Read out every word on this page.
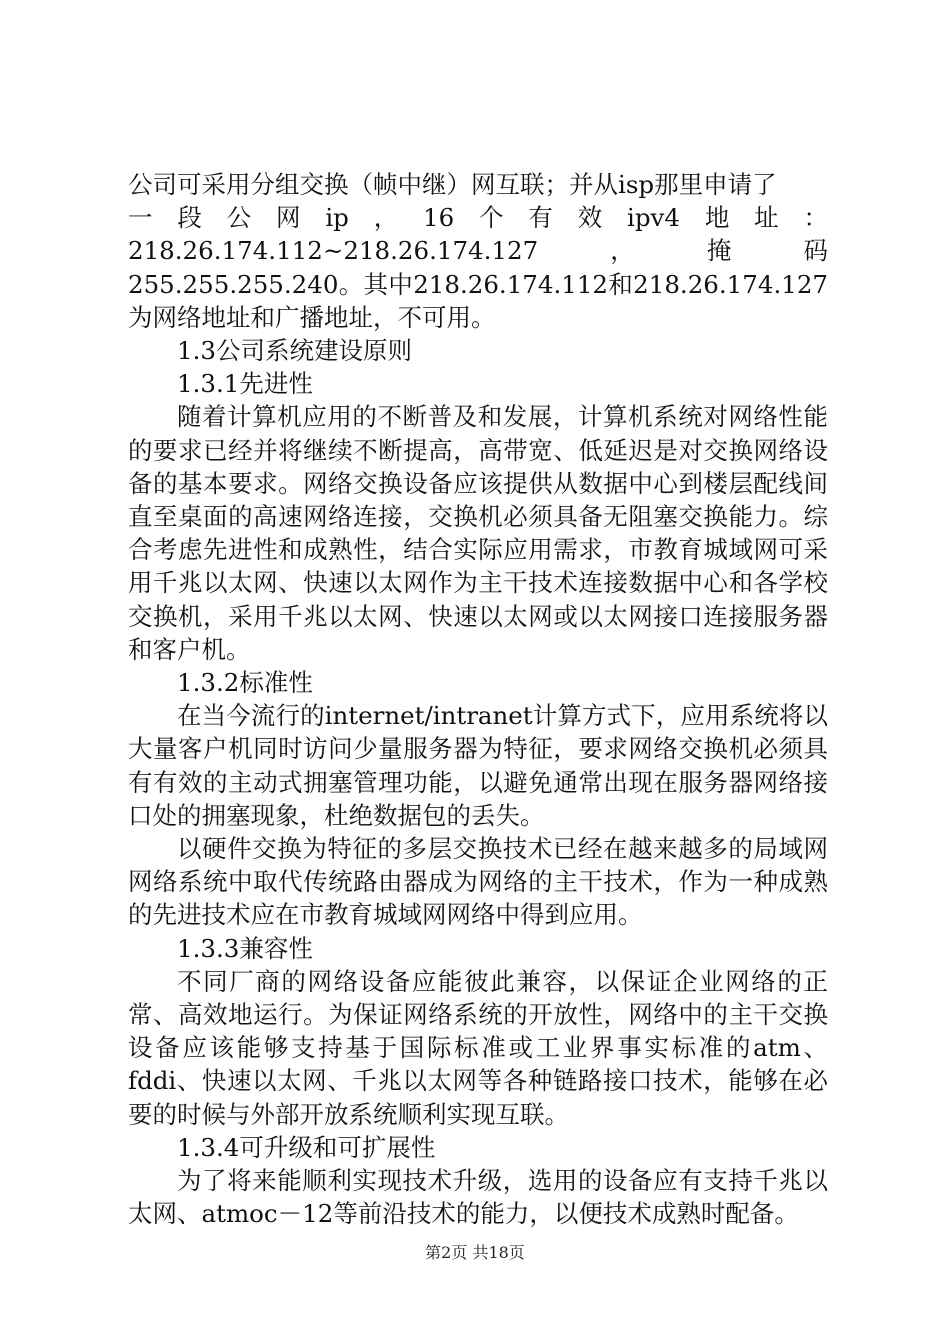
公司可采用分组交换（帧中继）网互联；并从isp那里申请了

一段公网ip，16个有效ipv4地址：

218.26.174.112~218.26.174.127，掩码255.255.255.240。其中218.26.174.112和218.26.174.127为网络地址和广播地址，不可用。

1.3公司系统建设原则

1.3.1先进性

随着计算机应用的不断普及和发展，计算机系统对网络性能的要求已经并将继续不断提高，高带宽、低延迟是对交换网络设备的基本要求。网络交换设备应该提供从数据中心到楼层配线间直至桌面的高速网络连接，交换机必须具备无阻塞交换能力。综合考虑先进性和成熟性，结合实际应用需求，市教育城域网可采用千兆以太网、快速以太网作为主干技术连接数据中心和各学校交换机，采用千兆以太网、快速以太网或以太网接口连接服务器和客户机。

1.3.2标准性

在当今流行的internet/intranet计算方式下，应用系统将以大量客户机同时访问少量服务器为特征，要求网络交换机必须具有有效的主动式拥塞管理功能，以避免通常出现在服务器网络接口处的拥塞现象，杜绝数据包的丢失。

以硬件交换为特征的多层交换技术已经在越来越多的局域网网络系统中取代传统路由器成为网络的主干技术，作为一种成熟的先进技术应在市教育城域网网络中得到应用。

1.3.3兼容性

不同厂商的网络设备应能彼此兼容，以保证企业网络的正常、高效地运行。为保证网络系统的开放性，网络中的主干交换设备应该能够支持基于国际标准或工业界事实标准的atm、fddi、快速以太网、千兆以太网等各种链路接口技术，能够在必要的时候与外部开放系统顺利实现互联。

1.3.4可升级和可扩展性

为了将来能顺利实现技术升级，选用的设备应有支持千兆以太网、atmoc－12等前沿技术的能力，以便技术成熟时配备。

第2页 共18页
